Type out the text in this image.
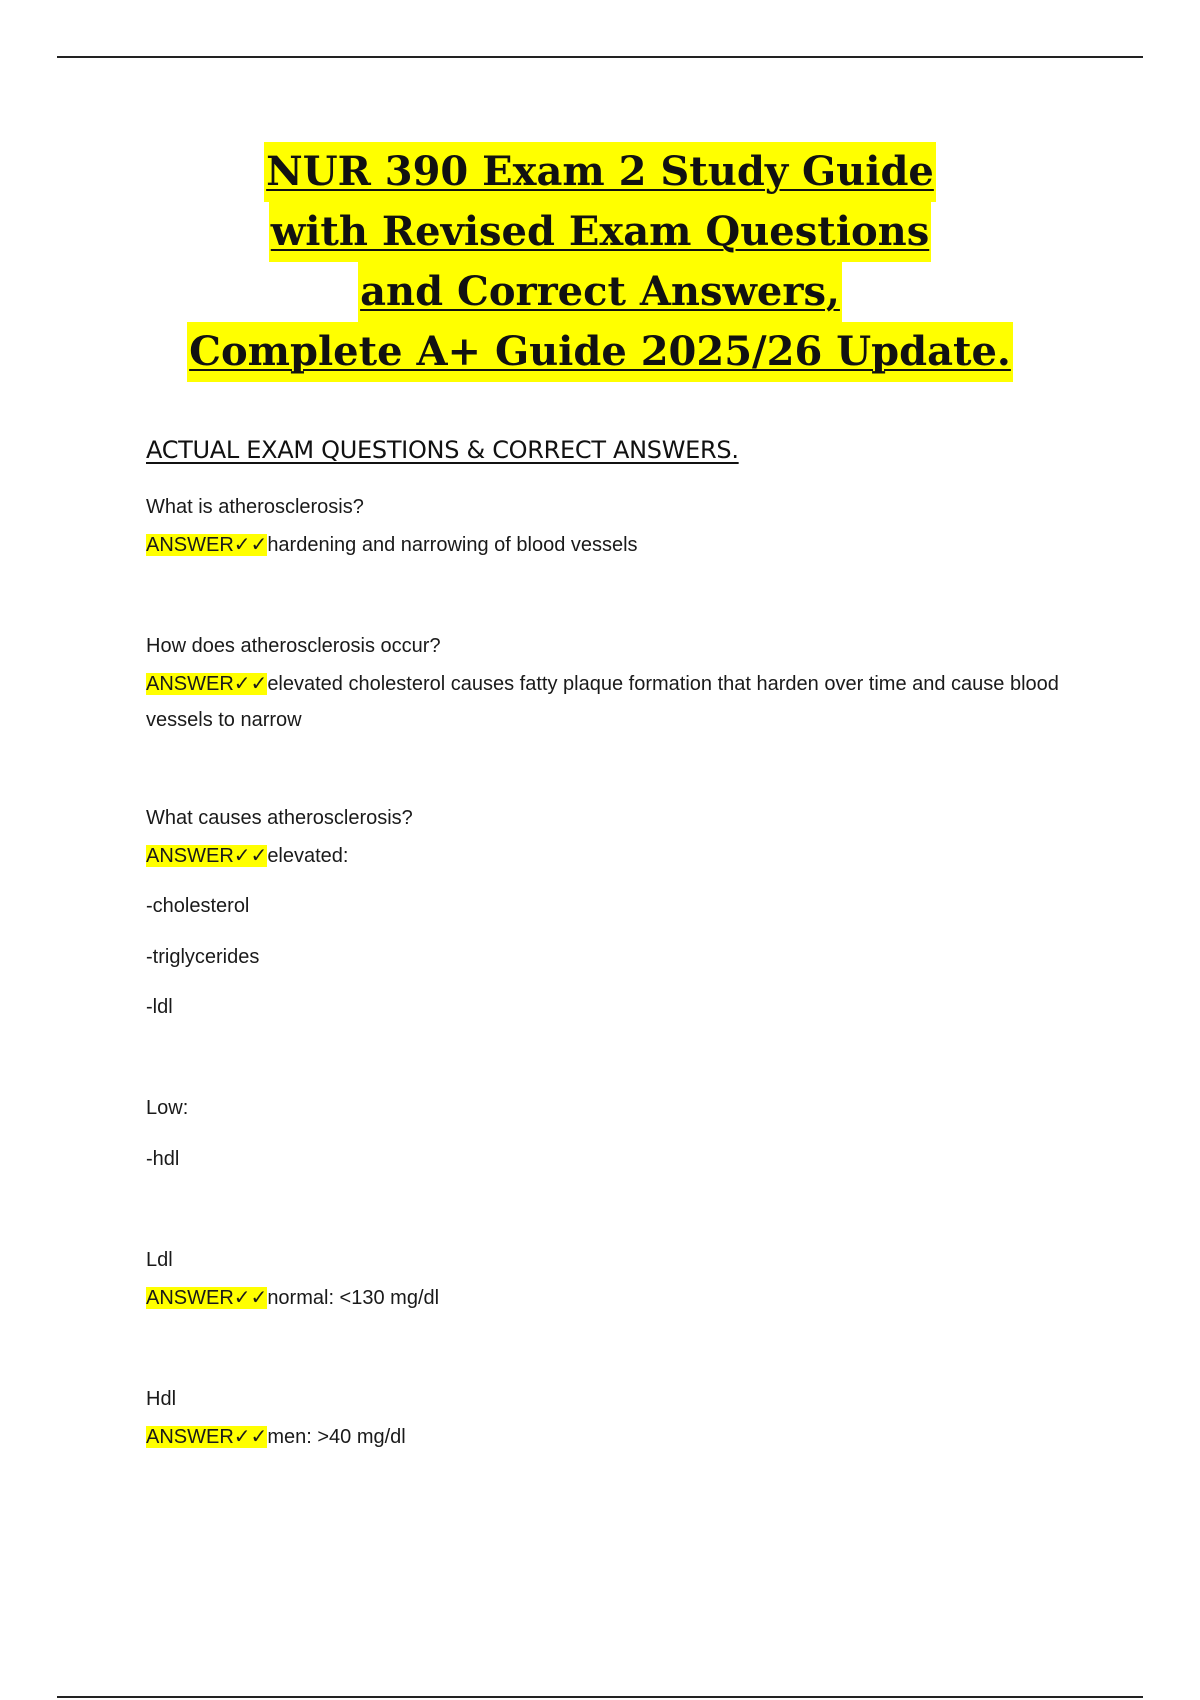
NUR 390 Exam 2 Study Guide
with Revised Exam Questions
and Correct Answers,
Complete A+ Guide 2025/26 Update.
ACTUAL EXAM QUESTIONS & CORRECT ANSWERS.

What is atherosclerosis?

ANSWER✓✓hardening and narrowing of blood vessels

How does atherosclerosis occur?

ANSWER✓✓elevated cholesterol causes fatty plaque formation that harden over time and cause blood vessels to narrow

What causes atherosclerosis?

ANSWER✓✓elevated:

-cholesterol

-triglycerides

-ldl

Low:

-hdl

Ldl

ANSWER✓✓normal: <130 mg/dl

Hdl

ANSWER✓✓men: >40 mg/dl
